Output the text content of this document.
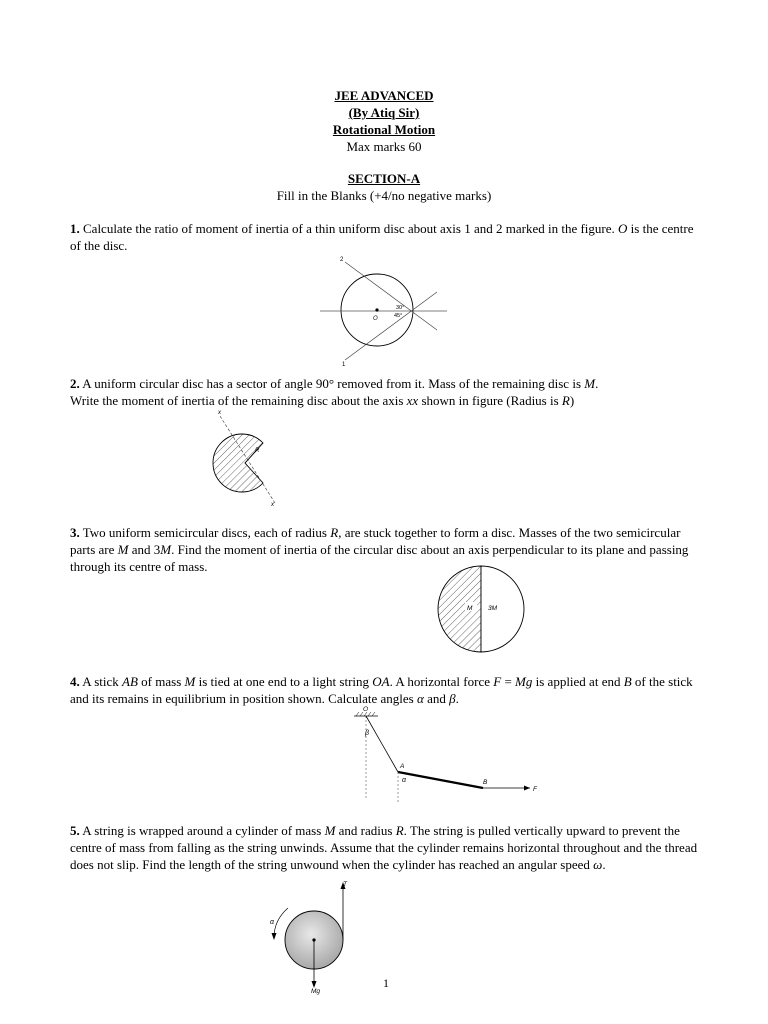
JEE ADVANCED
(By Atiq Sir)
Rotational Motion
Max marks 60
SECTION-A
Fill in the Blanks (+4/no negative marks)
1. Calculate the ratio of moment of inertia of a thin uniform disc about axis 1 and 2 marked in the figure. O is the centre of the disc.
2
1
O
30°
45°
2. A uniform circular disc has a sector of angle 90° removed from it. Mass of the remaining disc is M.
Write the moment of inertia of the remaining disc about the axis xx shown in figure (Radius is R)
x
x
R
3. Two uniform semicircular discs, each of radius R, are stuck together to form a disc. Masses of the two semicircular parts are M and 3M. Find the moment of inertia of the circular disc about an axis perpendicular to its plane and passing through its centre of mass.
M 3M
4. A stick AB of mass M is tied at one end to a light string OA. A horizontal force F = Mg is applied at end B of the stick and its remains in equilibrium in position shown. Calculate angles α and β.
O
β
A
α	B
F
5. A string is wrapped around a cylinder of mass M and radius R. The string is pulled vertically upward to prevent the centre of mass from falling as the string unwinds. Assume that the cylinder remains horizontal throughout and the thread does not slip. Find the length of the string unwound when the cylinder has reached an angular speed ω.
α
T
Mg
1
